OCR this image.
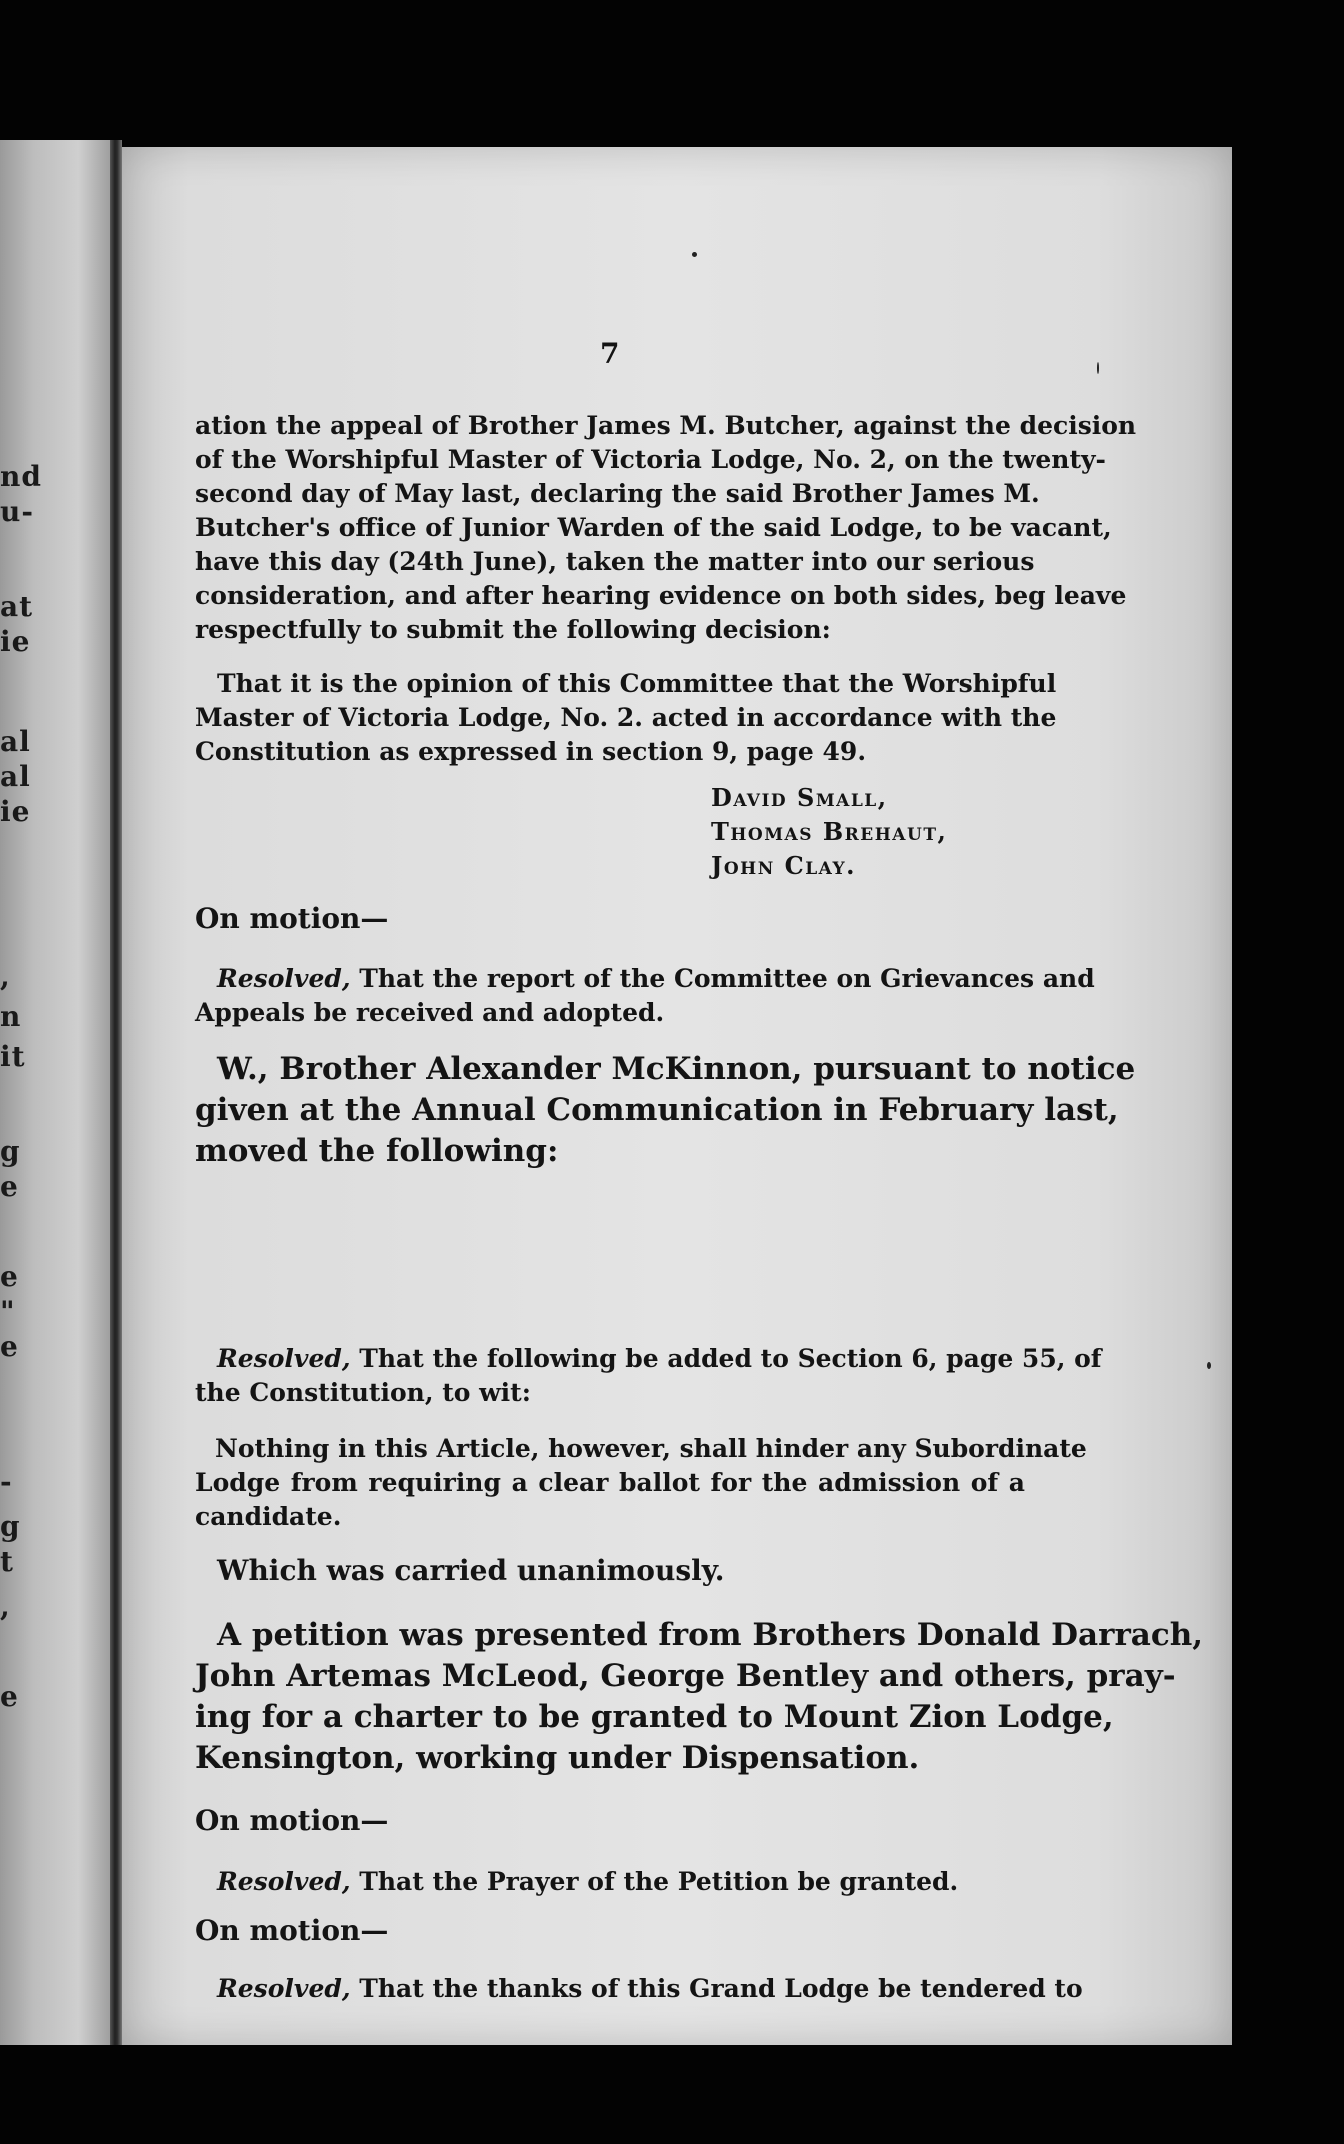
nd
u-
at
ie
al
al
ie
,
n
it
g
e
e
"
e
-
g
t
,
e
7
ation the appeal of Brother James M. Butcher, against the decision
of the Worshipful Master of Victoria Lodge, No. 2, on the twenty-
second day of May last, declaring the said Brother James M.
Butcher's office of Junior Warden of the said Lodge, to be vacant,
have this day (24th June), taken the matter into our serious
consideration, and after hearing evidence on both sides, beg leave
respectfully to submit the following decision:
That it is the opinion of this Committee that the Worshipful
Master of Victoria Lodge, No. 2. acted in accordance with the
Constitution as expressed in section 9, page 49.
David Small,
Thomas Brehaut,
John Clay.
On motion—
Resolved, That the report of the Committee on Grievances and
Appeals be received and adopted.
W., Brother Alexander McKinnon, pursuant to notice
given at the Annual Communication in February last,
moved the following:
Resolved, That the following be added to Section 6, page 55, of
the Constitution, to wit:
Nothing in this Article, however, shall hinder any Subordinate
Lodge from requiring a clear ballot for the admission of a
candidate.
Which was carried unanimously.
A petition was presented from Brothers Donald Darrach,
John Artemas McLeod, George Bentley and others, pray-
ing for a charter to be granted to Mount Zion Lodge,
Kensington, working under Dispensation.
On motion—
Resolved, That the Prayer of the Petition be granted.
On motion—
Resolved, That the thanks of this Grand Lodge be tendered to
